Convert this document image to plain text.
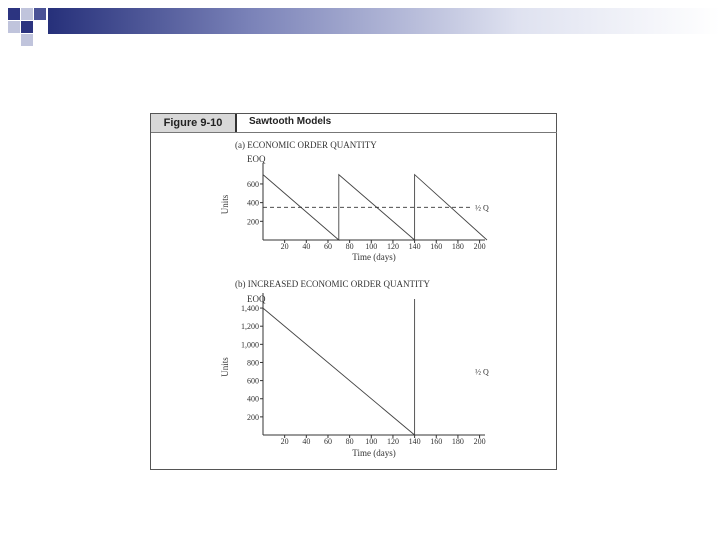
Figure 9-10	Sawtooth Models
(a) ECONOMIC ORDER QUANTITY
EOQ
200
400
600
20 40 60 80 100 120 140 160 180 200
Time (days)
Units	½ Q
(b) INCREASED ECONOMIC ORDER QUANTITY
EOQ
200
400
600
800
1,000
1,200
1,400
20 40 60 80 100 120 140 160 180 200
Time (days)
Units	½ Q
